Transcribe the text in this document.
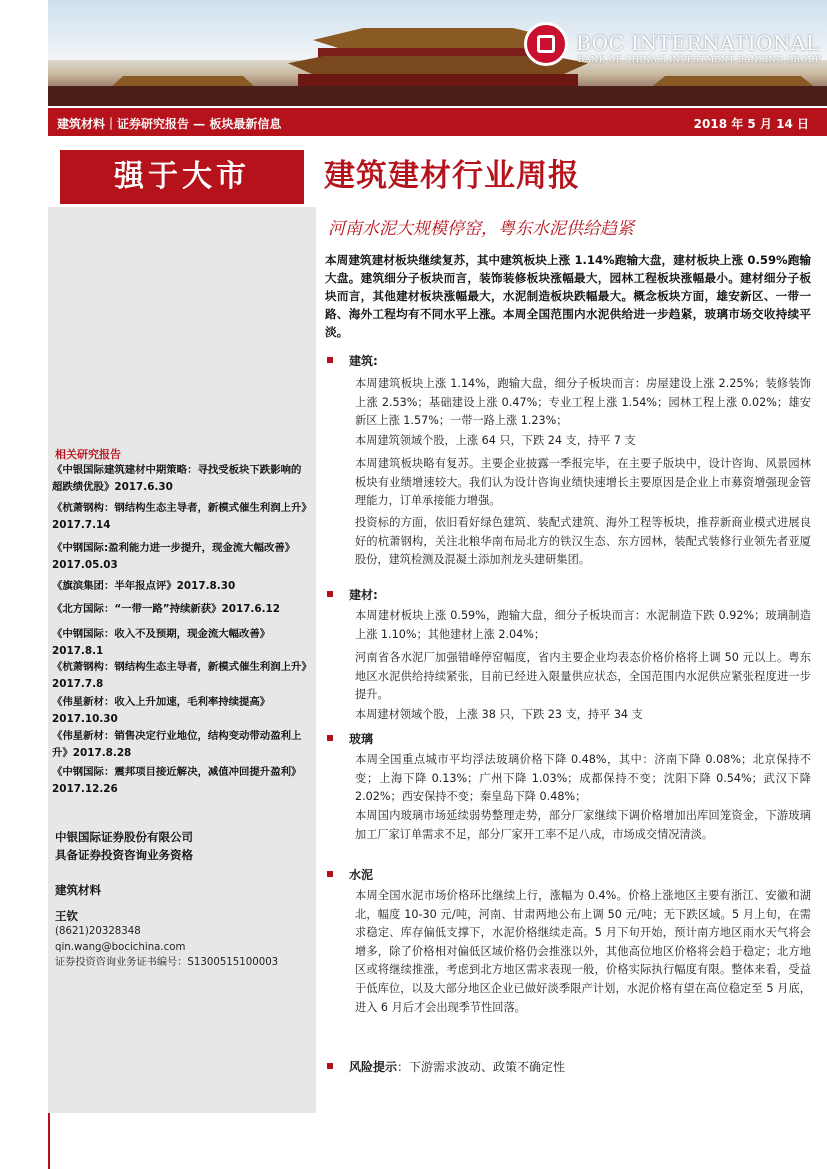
BOC INTERNATIONAL
BANK OF CHINA'S INVESTMENT BANKING GROUP
建筑材料｜证券研究报告 — 板块最新信息	2018 年 5 月 14 日
强于大市
相关研究报告
《中银国际建筑建材中期策略：寻找受板块下跌影响的超跌绩优股》2017.6.30
《杭萧钢构：钢结构生态主导者，新模式催生利润上升》2017.7.14
《中钢国际:盈利能力进一步提升，现金流大幅改善》2017.05.03
《旗滨集团：半年报点评》2017.8.30
《北方国际：“一带一路”持续新获》2017.6.12
《中钢国际：收入不及预期，现金流大幅改善》2017.8.1
《杭萧钢构：钢结构生态主导者，新模式催生利润上升》2017.7.8
《伟星新材：收入上升加速，毛利率持续提高》2017.10.30
《伟星新材：销售决定行业地位，结构变动带动盈利上升》2017.8.28
《中钢国际：震邦项目接近解决，减值冲回提升盈利》2017.12.26
中银国际证券股份有限公司
具备证券投资咨询业务资格
建筑材料
王钦
(8621)20328348
qin.wang@bocichina.com
证券投资咨询业务证书编号：S1300515100003
建筑建材行业周报
河南水泥大规模停窑，粤东水泥供给趋紧
本周建筑建材板块继续复苏，其中建筑板块上涨 1.14%跑输大盘，建材板块上涨 0.59%跑输大盘。建筑细分子板块而言，装饰装修板块涨幅最大，园林工程板块涨幅最小。建材细分子板块而言，其他建材板块涨幅最大，水泥制造板块跌幅最大。概念板块方面，雄安新区、一带一路、海外工程均有不同水平上涨。本周全国范围内水泥供给进一步趋紧，玻璃市场交收持续平淡。
建筑:
本周建筑板块上涨 1.14%，跑输大盘，细分子板块而言：房屋建设上涨 2.25%；装修装饰上涨 2.53%；基础建设上涨 0.47%；专业工程上涨 1.54%；园林工程上涨 0.02%；雄安新区上涨 1.57%；一带一路上涨 1.23%；
本周建筑领域个股，上涨 64 只，下跌 24 支，持平 7 支
本周建筑板块略有复苏。主要企业披露一季报完毕，在主要子版块中，设计咨询、风景园林板块有业绩增速较大。我们认为设计咨询业绩快速增长主要原因是企业上市募资增强现金管理能力，订单承接能力增强。
投资标的方面，依旧看好绿色建筑、装配式建筑、海外工程等板块，推荐新商业模式进展良好的杭萧钢构，关注北粮华南布局北方的铁汉生态、东方园林，装配式装修行业领先者亚厦股份，建筑检测及混凝土添加剂龙头建研集团。
建材:
本周建材板块上涨 0.59%，跑输大盘，细分子板块而言：水泥制造下跌 0.92%；玻璃制造上涨 1.10%；其他建材上涨 2.04%；
河南省各水泥厂加强错峰停窑幅度，省内主要企业均表态价格价格将上调 50 元以上。粤东地区水泥供给持续紧张，目前已经进入限量供应状态，全国范围内水泥供应紧张程度进一步提升。
本周建材领域个股，上涨 38 只，下跌 23 支，持平 34 支
玻璃
本周全国重点城市平均浮法玻璃价格下降 0.48%，其中：济南下降 0.08%；北京保持不变；上海下降 0.13%；广州下降 1.03%；成都保持不变；沈阳下降 0.54%；武汉下降 2.02%；西安保持不变；秦皇岛下降 0.48%；
本周国内玻璃市场延续弱势整理走势，部分厂家继续下调价格增加出库回笼资金，下游玻璃加工厂家订单需求不足，部分厂家开工率不足八成，市场成交情况清淡。
水泥
本周全国水泥市场价格环比继续上行，涨幅为 0.4%。价格上涨地区主要有浙江、安徽和湖北，幅度 10-30 元/吨，河南、甘肃两地公布上调 50 元/吨；无下跌区域。5 月上旬，在需求稳定、库存偏低支撑下，水泥价格继续走高。5 月下旬开始，预计南方地区雨水天气将会增多，除了价格相对偏低区域价格仍会推涨以外，其他高位地区价格将会趋于稳定；北方地区或将继续推涨，考虑到北方地区需求表现一般，价格实际执行幅度有限。整体来看，受益于低库位，以及大部分地区企业已做好淡季限产计划，水泥价格有望在高位稳定至 5 月底，进入 6 月后才会出现季节性回落。
风险提示：下游需求波动、政策不确定性
